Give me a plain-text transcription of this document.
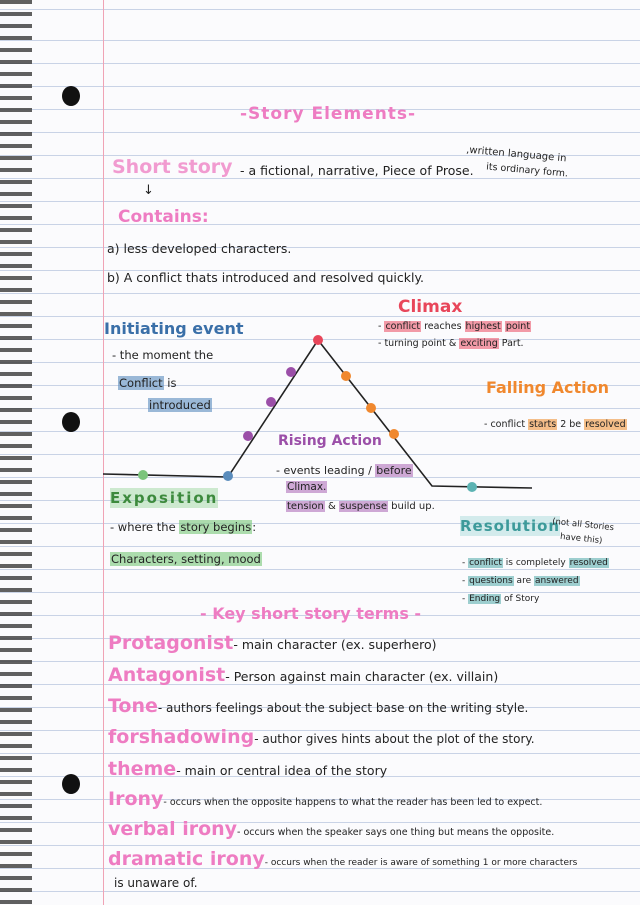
-Story Elements-
Short story - a fictional, narrative, Piece of Prose.
,written language in
its ordinary form.
↓
Contains:
a) less developed characters.
b) A conflict thats introduced and resolved quickly.
Initiating event
- the moment the
Conflict is
introduced
Climax
- conflict reaches highest point
- turning point & exciting Part.
Falling Action
- conflict starts 2 be resolved
Rising Action
- events leading / before
Climax.
tension & suspense build up.
Exposition
- where the story begins:
Characters, setting, mood
Resolution
(not all Stories
have this)
- conflict is completely resolved
- questions are answered
- Ending of Story
- Key short story terms -
Protagonist- main character (ex. superhero)
Antagonist- Person against main character (ex. villain)
Tone- authors feelings about the subject base on the writing style.
forshadowing- author gives hints about the plot of the story.
theme- main or central idea of the story
Irony- occurs when the opposite happens to what the reader has been led to expect.
verbal irony- occurs when the speaker says one thing but means the opposite.
dramatic irony- occurs when the reader is aware of something 1 or more characters
is unaware of.
